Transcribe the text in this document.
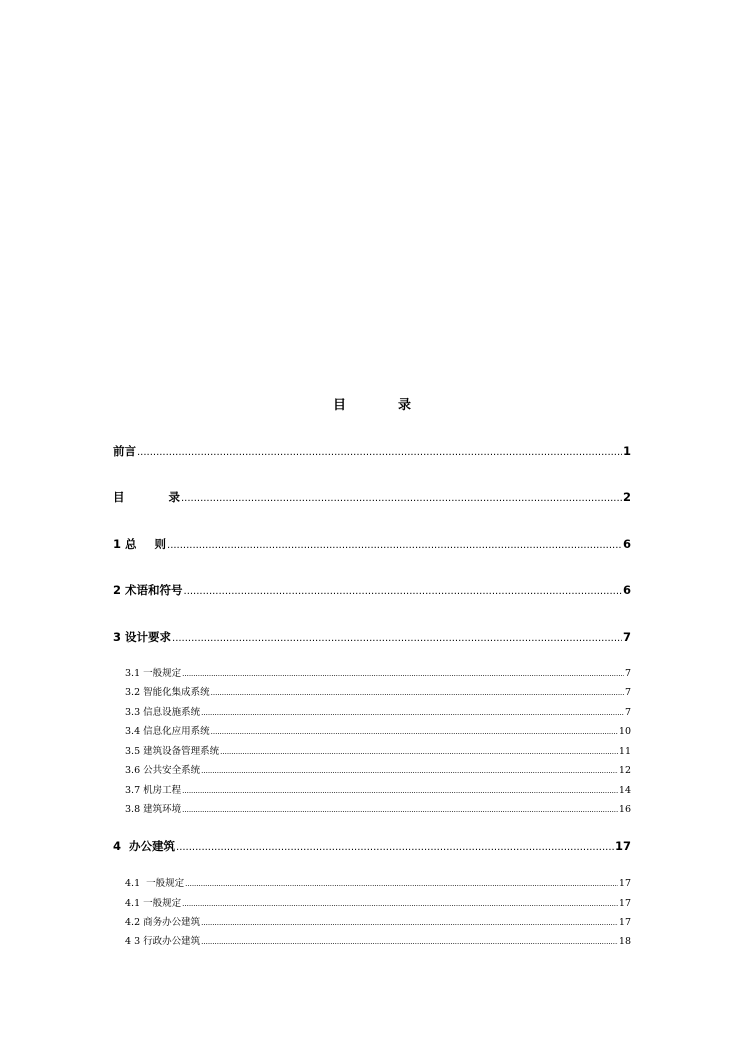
目	录
前言 .....	1
目	录 .....	2
1 总 则 .....	6
2 术语和符号 .....	6
3 设计要求 .....	7
3.1 一般规定 .....	7
3.2 智能化集成系统 .....	7
3.3 信息设施系统 .....	7
3.4 信息化应用系统 .....	10
3.5 建筑设备管理系统 .....	11
3.6 公共安全系统 .....	12
3.7 机房工程 .....	14
3.8 建筑环境 .....	16
4  办公建筑 .....	17
4.1  一般规定 .....	17
4.1 一般规定 .....	17
4.2 商务办公建筑 .....	17
4 3 行政办公建筑 .....	18
